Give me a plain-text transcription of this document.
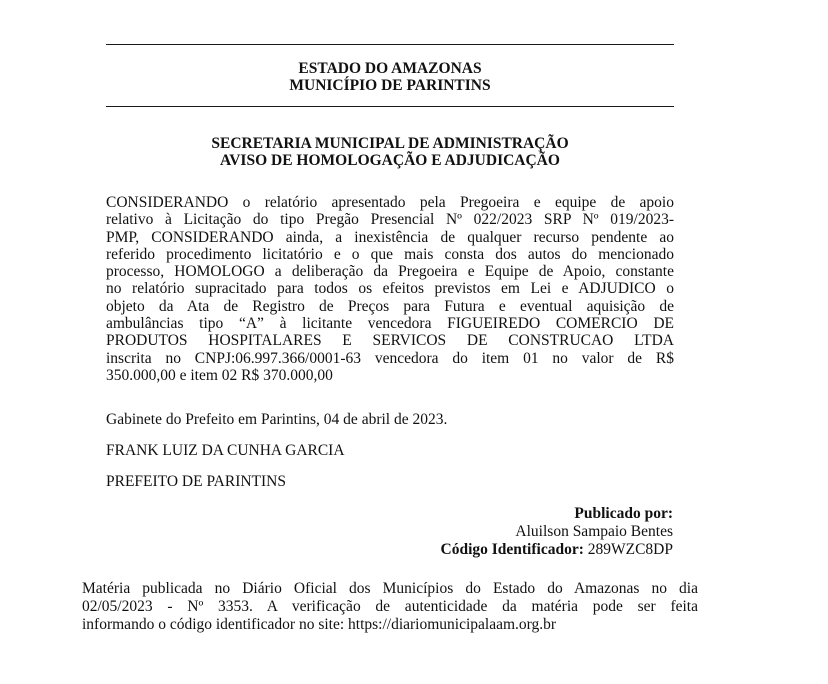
ESTADO DO AMAZONAS
MUNICÍPIO DE PARINTINS
SECRETARIA MUNICIPAL DE ADMINISTRAÇÃO
AVISO DE HOMOLOGAÇÃO E ADJUDICAÇÃO
CONSIDERANDO o relatório apresentado pela Pregoeira e equipe de apoio
relativo à Licitação do tipo Pregão Presencial Nº 022/2023 SRP Nº 019/2023-
PMP, CONSIDERANDO ainda, a inexistência de qualquer recurso pendente ao
referido procedimento licitatório e o que mais consta dos autos do mencionado
processo, HOMOLOGO a deliberação da Pregoeira e Equipe de Apoio, constante
no relatório supracitado para todos os efeitos previstos em Lei e ADJUDICO o
objeto da Ata de Registro de Preços para Futura e eventual aquisição de
ambulâncias tipo “A” à licitante vencedora FIGUEIREDO COMERCIO DE
PRODUTOS HOSPITALARES E SERVICOS DE CONSTRUCAO LTDA
inscrita no CNPJ:06.997.366/0001-63 vencedora do item 01 no valor de R$
350.000,00 e item 02 R$ 370.000,00
Gabinete do Prefeito em Parintins, 04 de abril de 2023.
FRANK LUIZ DA CUNHA GARCIA
PREFEITO DE PARINTINS
Publicado por:
Aluilson Sampaio Bentes
Código Identificador: 289WZC8DP
Matéria publicada no Diário Oficial dos Municípios do Estado do Amazonas no dia
02/05/2023 - Nº 3353. A verificação de autenticidade da matéria pode ser feita
informando o código identificador no site: https://diariomunicipalaam.org.br
